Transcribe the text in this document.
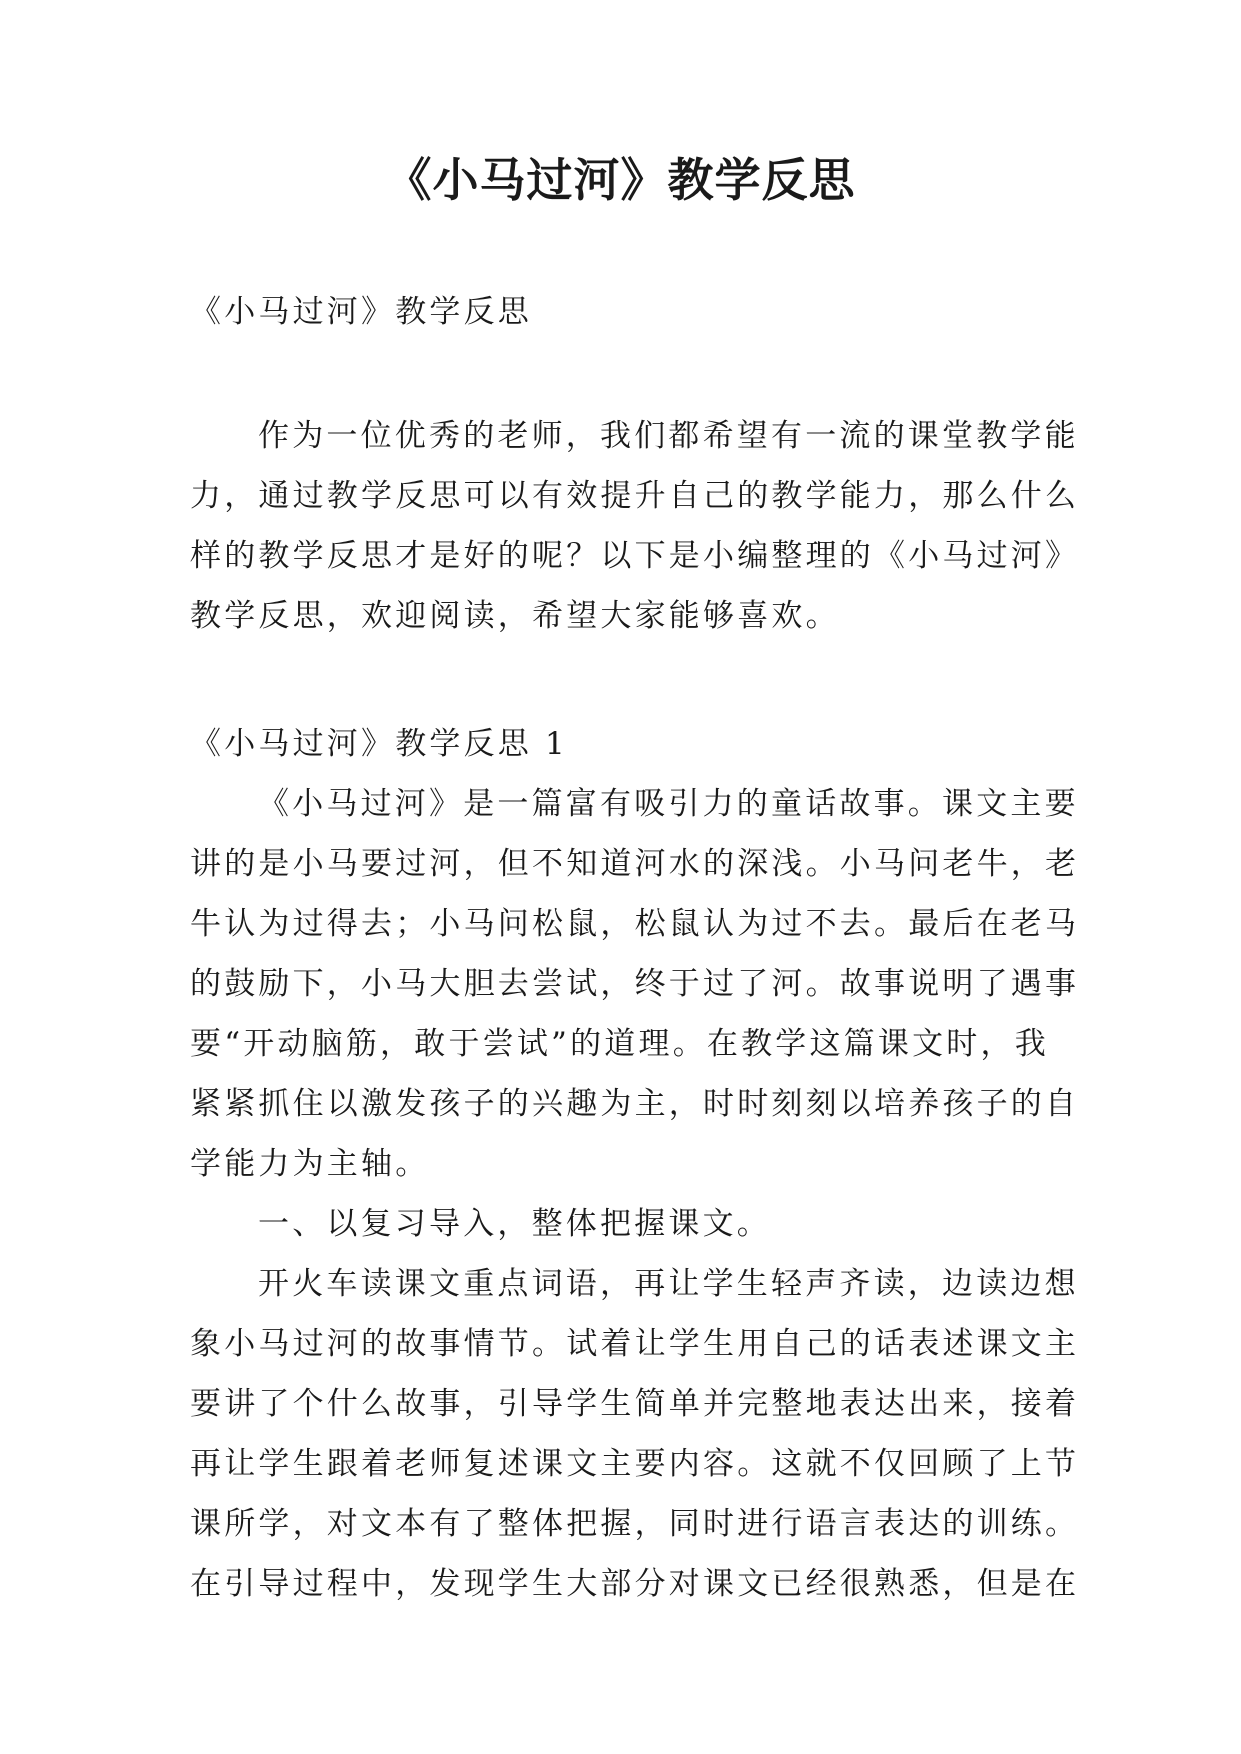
《小马过河》教学反思

《小马过河》教学反思

作为一位优秀的老师，我们都希望有一流的课堂教学能

力，通过教学反思可以有效提升自己的教学能力，那么什么

样的教学反思才是好的呢？以下是小编整理的《小马过河》

教学反思，欢迎阅读，希望大家能够喜欢。

《小马过河》教学反思 1

《小马过河》是一篇富有吸引力的童话故事。课文主要

讲的是小马要过河，但不知道河水的深浅。小马问老牛，老

牛认为过得去；小马问松鼠，松鼠认为过不去。最后在老马

的鼓励下，小马大胆去尝试，终于过了河。故事说明了遇事

要“开动脑筋，敢于尝试”的道理。在教学这篇课文时，我

紧紧抓住以激发孩子的兴趣为主，时时刻刻以培养孩子的自

学能力为主轴。

一、以复习导入，整体把握课文。

开火车读课文重点词语，再让学生轻声齐读，边读边想

象小马过河的故事情节。试着让学生用自己的话表述课文主

要讲了个什么故事，引导学生简单并完整地表达出来，接着

再让学生跟着老师复述课文主要内容。这就不仅回顾了上节

课所学，对文本有了整体把握，同时进行语言表达的训练。

在引导过程中，发现学生大部分对课文已经很熟悉，但是在
